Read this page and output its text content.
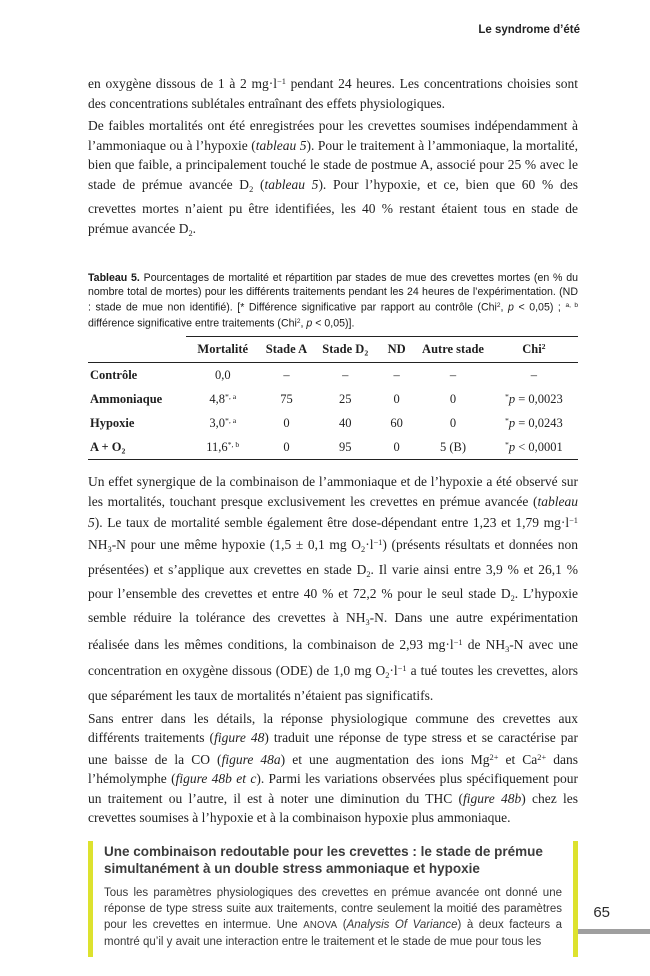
Le syndrome d’été

en oxygène dissous de 1 à 2 $mg\cdot l^{-1}$ pendant 24 heures. Les concentrations choisies sont des concentrations sublétales entraînant des effets physiologiques.

De faibles mortalités ont été enregistrées pour les crevettes soumises indépendamment à l’ammoniaque ou à l’hypoxie (tableau 5). Pour le traitement à l’ammoniaque, la mortalité, bien que faible, a principalement touché le stade de postmue A, associé pour 25 % avec le stade de prémue avancée $D_2$ (tableau 5). Pour l’hypoxie, et ce, bien que 60 % des crevettes mortes n’aient pu être identifiées, les 40 % restant étaient tous en stade de prémue avancée $D_2$.

Tableau 5. Pourcentages de mortalité et répartition par stades de mue des crevettes mortes (en % du nombre total de mortes) pour les différents traitements pendant les 24 heures de l’expérimentation. (ND : stade de mue non identifié). [* Différence significative par rapport au contrôle (Chi$^2$, p < 0,05) ; $^{a, b}$ différence significative entre traitements (Chi$^2$, p < 0,05)].

	Mortalité	Stade A	Stade $D_2$	ND	Autre stade	Chi$^2$
Contrôle	0,0	–	–	–	–	–
Ammoniaque	$4,8^{*, a}$	75	25	0	0	*p = 0,0023
Hypoxie	$3,0^{*, a}$	0	40	60	0	*p = 0,0243
$A + O_2$	$11,6^{*, b}$	0	95	0	5 (B)	*p < 0,0001

Un effet synergique de la combinaison de l’ammoniaque et de l’hypoxie a été observé sur les mortalités, touchant presque exclusivement les crevettes en prémue avancée (tableau 5). Le taux de mortalité semble également être dose-dépendant entre 1,23 et 1,79 $mg\cdot l^{-1}$ $NH_3-N$ pour une même hypoxie (1,5 ± 0,1 mg $O_2\cdot l^{-1}$) (présents résultats et données non présentées) et s’applique aux crevettes en stade $D_2$. Il varie ainsi entre 3,9 % et 26,1 % pour l’ensemble des crevettes et entre 40 % et 72,2 % pour le seul stade $D_2$. L’hypoxie semble réduire la tolérance des crevettes à $NH_3-N$. Dans une autre expérimentation réalisée dans les mêmes conditions, la combinaison de 2,93 $mg\cdot l^{-1}$ de $NH_3-N$ avec une concentration en oxygène dissous (ODE) de 1,0 mg $O_2\cdot l^{-1}$ a tué toutes les crevettes, alors que séparément les taux de mortalités n’étaient pas significatifs.

Sans entrer dans les détails, la réponse physiologique commune des crevettes aux différents traitements (figure 48) traduit une réponse de type stress et se caractérise par une baisse de la CO (figure 48a) et une augmentation des ions $Mg^{2+}$ et $Ca^{2+}$ dans l’hémolymphe (figure 48b et c). Parmi les variations observées plus spécifiquement pour un traitement ou l’autre, il est à noter une diminution du THC (figure 48b) chez les crevettes soumises à l’hypoxie et à la combinaison hypoxie plus ammoniaque.

Une combinaison redoutable pour les crevettes : le stade de prémue simultanément à un double stress ammoniaque et hypoxie

Tous les paramètres physiologiques des crevettes en prémue avancée ont donné une réponse de type stress suite aux traitements, contre seulement la moitié des paramètres pour les crevettes en intermue. Une ANOVA (Analysis Of Variance) à deux facteurs a montré qu’il y avait une interaction entre le traitement et le stade de mue pour tous les

65
